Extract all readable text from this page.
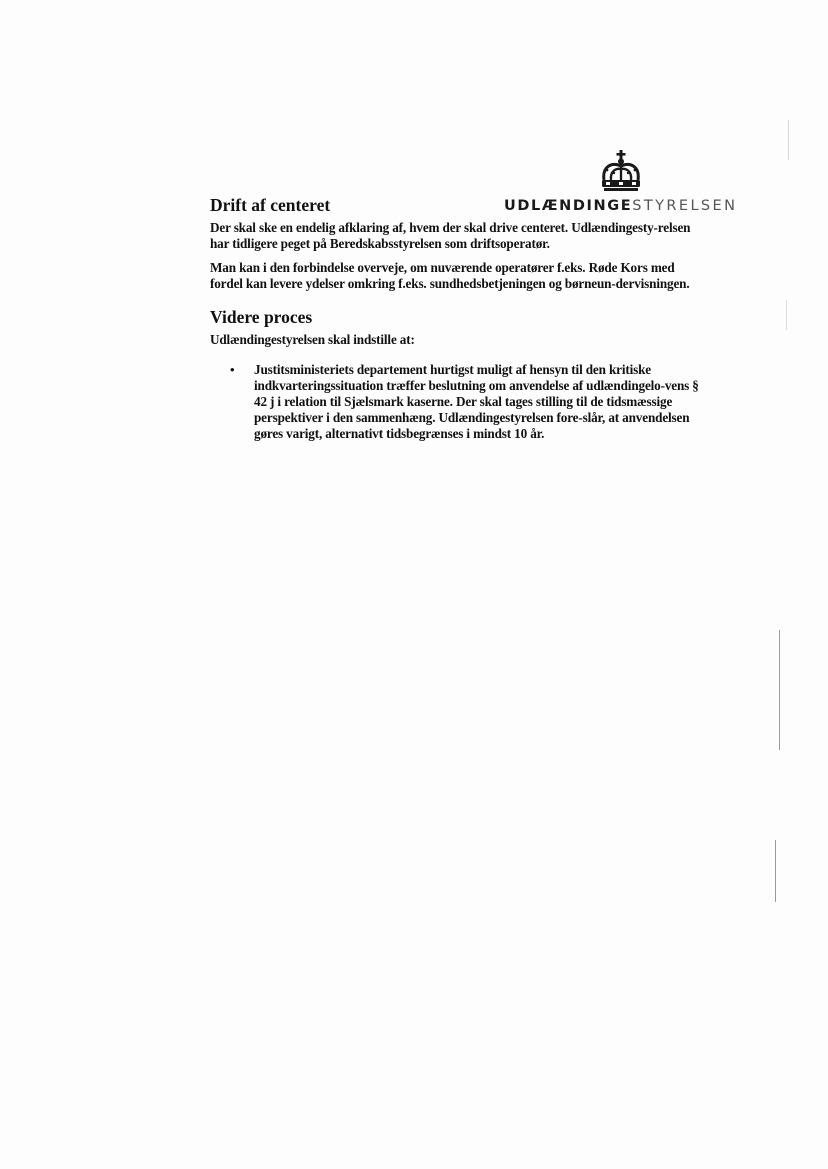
UDLÆNDINGESTYRELSEN
Drift af centeret

Der skal ske en endelig afklaring af, hvem der skal drive centeret. Udlændingesty-relsen har tidligere peget på Beredskabsstyrelsen som driftsoperatør.

Man kan i den forbindelse overveje, om nuværende operatører f.eks. Røde Kors med fordel kan levere ydelser omkring f.eks. sundhedsbetjeningen og børneun-dervisningen.

Videre proces

Udlændingestyrelsen skal indstille at:

• Justitsministeriets departement hurtigst muligt af hensyn til den kritiske indkvarteringssituation træffer beslutning om anvendelse af udlændingelo-vens § 42 j i relation til Sjælsmark kaserne. Der skal tages stilling til de tidsmæssige perspektiver i den sammenhæng. Udlændingestyrelsen fore-slår, at anvendelsen gøres varigt, alternativt tidsbegrænses i mindst 10 år.
